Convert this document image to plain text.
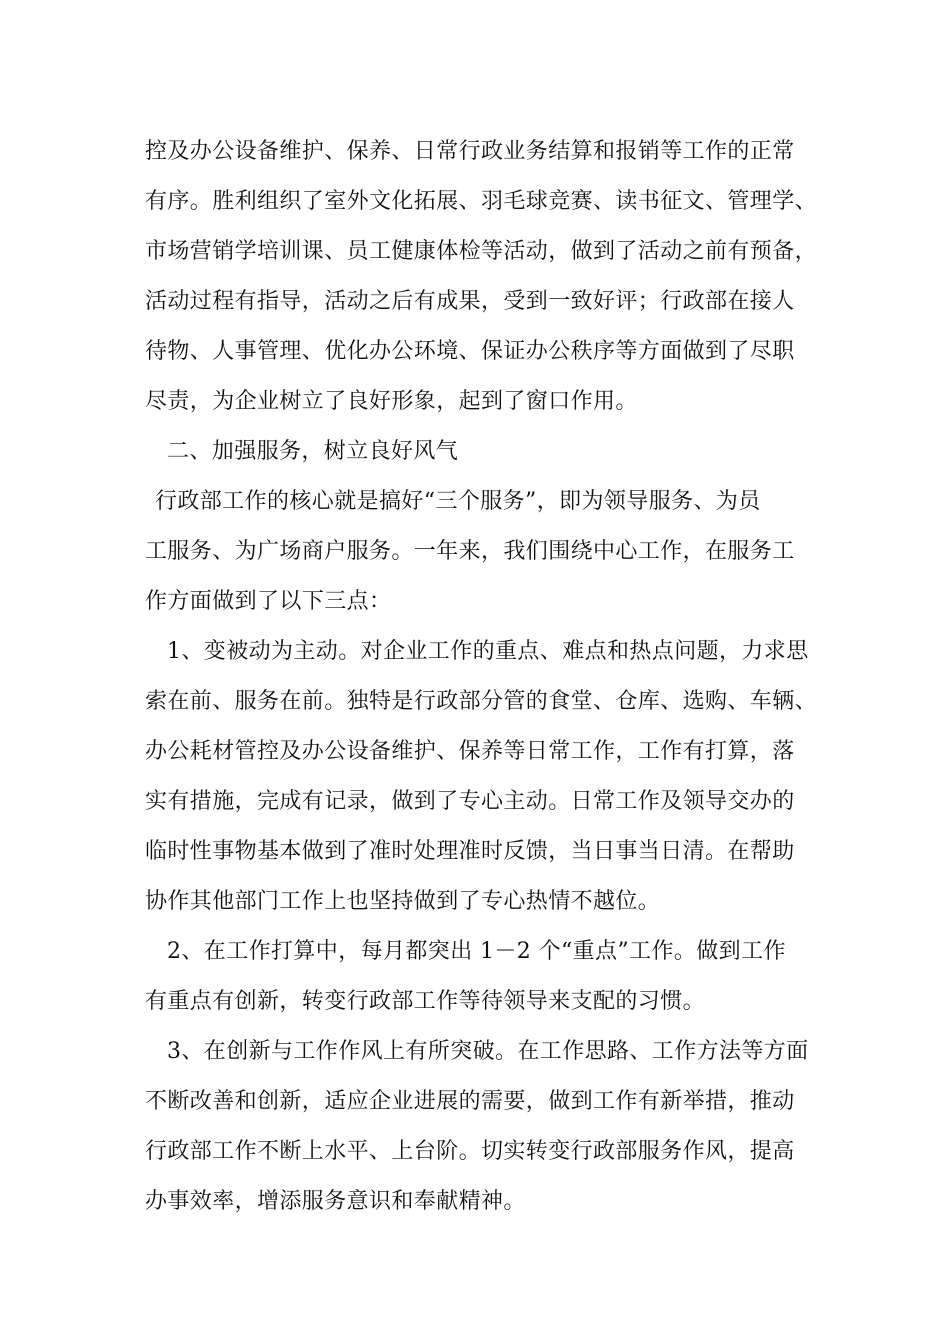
控及办公设备维护、保养、日常行政业务结算和报销等工作的正常
有序。胜利组织了室外文化拓展、羽毛球竞赛、读书征文、管理学、
市场营销学培训课、员工健康体检等活动，做到了活动之前有预备，
活动过程有指导，活动之后有成果，受到一致好评；行政部在接人
待物、人事管理、优化办公环境、保证办公秩序等方面做到了尽职
尽责，为企业树立了良好形象，起到了窗口作用。
二、加强服务，树立良好风气
行政部工作的核心就是搞好“三个服务”，即为领导服务、为员
工服务、为广场商户服务。一年来，我们围绕中心工作，在服务工
作方面做到了以下三点：
1、变被动为主动。对企业工作的重点、难点和热点问题，力求思
索在前、服务在前。独特是行政部分管的食堂、仓库、选购、车辆、
办公耗材管控及办公设备维护、保养等日常工作，工作有打算，落
实有措施，完成有记录，做到了专心主动。日常工作及领导交办的
临时性事物基本做到了准时处理准时反馈，当日事当日清。在帮助
协作其他部门工作上也坚持做到了专心热情不越位。
2、在工作打算中，每月都突出 1－2 个“重点”工作。做到工作
有重点有创新，转变行政部工作等待领导来支配的习惯。
3、在创新与工作作风上有所突破。在工作思路、工作方法等方面
不断改善和创新，适应企业进展的需要，做到工作有新举措，推动
行政部工作不断上水平、上台阶。切实转变行政部服务作风，提高
办事效率，增添服务意识和奉献精神。
